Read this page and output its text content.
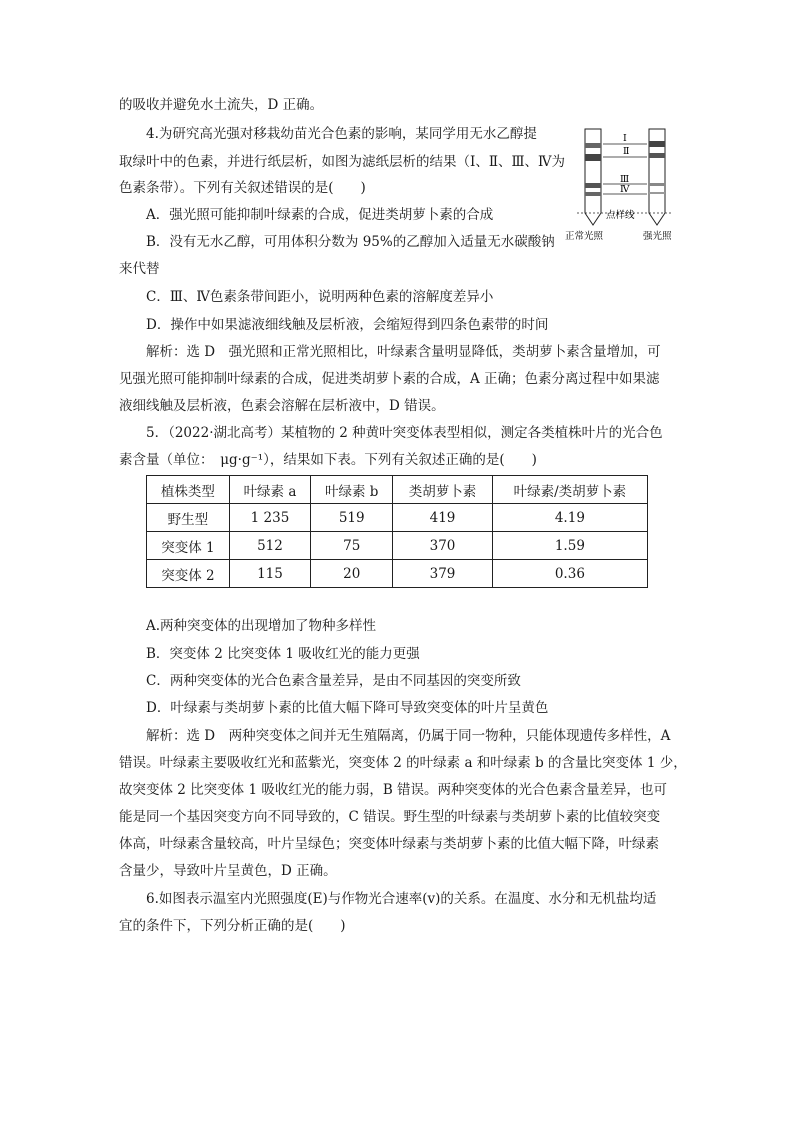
的吸收并避免水土流失，D 正确。
4.为研究高光强对移栽幼苗光合色素的影响，某同学用无水乙醇提
取绿叶中的色素，并进行纸层析，如图为滤纸层析的结果（Ⅰ、Ⅱ、Ⅲ、Ⅳ为
色素条带）。下列有关叙述错误的是(　　)
A．强光照可能抑制叶绿素的合成，促进类胡萝卜素的合成
B．没有无水乙醇，可用体积分数为 95%的乙醇加入适量无水碳酸钠
来代替
C．Ⅲ、Ⅳ色素条带间距小，说明两种色素的溶解度差异小
D．操作中如果滤液细线触及层析液，会缩短得到四条色素带的时间
解析：选 D　强光照和正常光照相比，叶绿素含量明显降低，类胡萝卜素含量增加，可
见强光照可能抑制叶绿素的合成，促进类胡萝卜素的合成，A 正确；色素分离过程中如果滤
液细线触及层析液，色素会溶解在层析液中，D 错误。
5．（2022·湖北高考）某植物的 2 种黄叶突变体表型相似，测定各类植株叶片的光合色
素含量（单位：　μg·g⁻¹），结果如下表。下列有关叙述正确的是(　　)
植株类型	叶绿素 a	叶绿素 b	类胡萝卜素	叶绿素/类胡萝卜素
野生型	1 235	519	419	4.19
突变体 1	512	75	370	1.59
突变体 2	115	20	379	0.36
A.两种突变体的出现增加了物种多样性
B．突变体 2 比突变体 1 吸收红光的能力更强
C．两种突变体的光合色素含量差异，是由不同基因的突变所致
D．叶绿素与类胡萝卜素的比值大幅下降可导致突变体的叶片呈黄色
解析：选 D　两种突变体之间并无生殖隔离，仍属于同一物种，只能体现遗传多样性，A
错误。叶绿素主要吸收红光和蓝紫光，突变体 2 的叶绿素 a 和叶绿素 b 的含量比突变体 1 少，
故突变体 2 比突变体 1 吸收红光的能力弱，B 错误。两种突变体的光合色素含量差异，也可
能是同一个基因突变方向不同导致的，C 错误。野生型的叶绿素与类胡萝卜素的比值较突变
体高，叶绿素含量较高，叶片呈绿色；突变体叶绿素与类胡萝卜素的比值大幅下降，叶绿素
含量少，导致叶片呈黄色，D 正确。
6.如图表示温室内光照强度(E)与作物光合速率(v)的关系。在温度、水分和无机盐均适
宜的条件下，下列分析正确的是(　　)
Ⅰ
Ⅱ
Ⅲ
Ⅳ
点样线
正常光照	强光照
